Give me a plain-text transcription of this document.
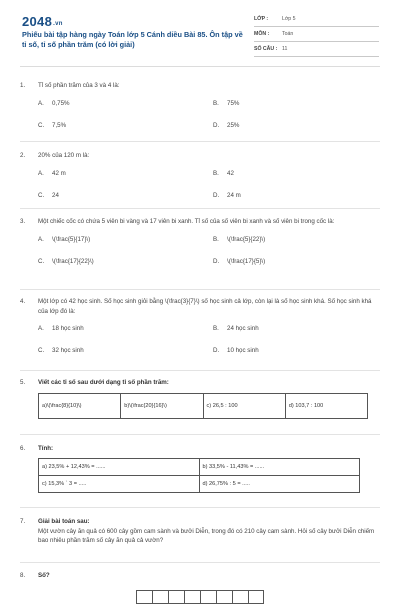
2048.vn
Phiếu bài tập hàng ngày Toán lớp 5 Cánh diều Bài 85. Ôn tập về tỉ số, tỉ số phần trăm (có lời giải)
LỚP :	Lớp 5
MÔN :	Toán
SỐ CÂU : 11
1.	Tỉ số phần trăm của 3 và 4 là:
A. 0,75%	B. 75%
C. 7,5%	D. 25%
2.	20% của 120 m là:
A. 42 m	B. 42
C. 24	D. 24 m
3.	Một chiếc cốc có chứa 5 viên bi vàng và 17 viên bi xanh. Tỉ số của số viên bi xanh và số viên bi trong cốc là:
A. \(\frac{5}{17}\)	B. \(\frac{5}{22}\)
C. \(\frac{17}{22}\)	D. \(\frac{17}{5}\)
4.	Một lớp có 42 học sinh. Số học sinh giỏi bằng \(\frac{3}{7}\) số học sinh cả lớp, còn lại là số học sinh khá. Số học sinh khá của lớp đó là:
A. 18 học sinh	B. 24 học sinh
C. 32 học sinh	D. 10 học sinh
5.	Viết các tỉ số sau dưới dạng tỉ số phần trăm:
a)\(\frac{8}{10}\)	b)\(\frac{20}{16}\)	c) 26,5 : 100	d) 103,7 : 100
6.	Tính:
a) 23,5% + 12,43% = ......	b) 33,5% - 11,43% = ......
c) 15,3% ` 3 = .....	d) 26,75% : 5 = .....
7.	Giải bài toán sau:
Một vườn cây ăn quả có 600 cây gồm cam sành và bưởi Diễn, trong đó có 210 cây cam sành. Hỏi số cây bưởi Diễn chiếm bao nhiêu phần trăm số cây ăn quả cả vườn?
8.	Số?
